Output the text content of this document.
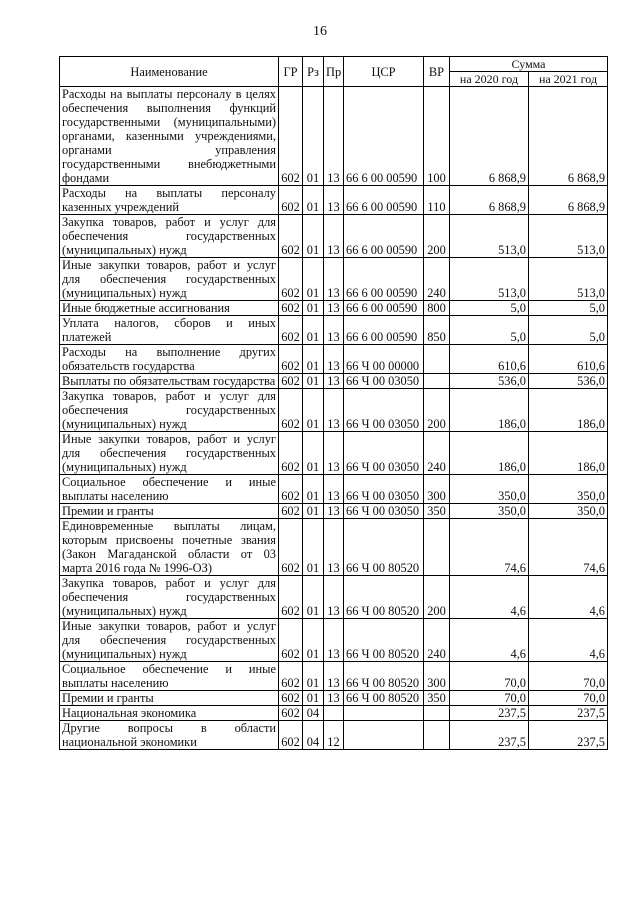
16
Наименование	ГР	Рз	Пр	ЦСР	ВР	Сумма	
						на 2020 год	на 2021 год
Расходы на выплаты персоналу в целях обеспечения выполнения функций государственными (муниципальными) органами, казенными учреждениями, органами управления государственными внебюджетными фондами	602	01	13	66 6 00 00590	100	6 868,9	6 868,9
Расходы на выплаты персоналу казенных учреждений	602	01	13	66 6 00 00590	110	6 868,9	6 868,9
Закупка товаров, работ и услуг для обеспечения государственных (муниципальных) нужд	602	01	13	66 6 00 00590	200	513,0	513,0
Иные закупки товаров, работ и услуг для обеспечения государственных (муниципальных) нужд	602	01	13	66 6 00 00590	240	513,0	513,0
Иные бюджетные ассигнования	602	01	13	66 6 00 00590	800	5,0	5,0
Уплата налогов, сборов и иных платежей	602	01	13	66 6 00 00590	850	5,0	5,0
Расходы на выполнение других обязательств государства	602	01	13	66 Ч 00 00000		610,6	610,6
Выплаты по обязательствам государства	602	01	13	66 Ч 00 03050		536,0	536,0
Закупка товаров, работ и услуг для обеспечения государственных (муниципальных) нужд	602	01	13	66 Ч 00 03050	200	186,0	186,0
Иные закупки товаров, работ и услуг для обеспечения государственных (муниципальных) нужд	602	01	13	66 Ч 00 03050	240	186,0	186,0
Социальное обеспечение и иные выплаты населению	602	01	13	66 Ч 00 03050	300	350,0	350,0
Премии и гранты	602	01	13	66 Ч 00 03050	350	350,0	350,0
Единовременные выплаты лицам, которым присвоены почетные звания (Закон Магаданской области от 03 марта 2016 года № 1996-ОЗ)	602	01	13	66 Ч 00 80520		74,6	74,6
Закупка товаров, работ и услуг для обеспечения государственных (муниципальных) нужд	602	01	13	66 Ч 00 80520	200	4,6	4,6
Иные закупки товаров, работ и услуг для обеспечения государственных (муниципальных) нужд	602	01	13	66 Ч 00 80520	240	4,6	4,6
Социальное обеспечение и иные выплаты населению	602	01	13	66 Ч 00 80520	300	70,0	70,0
Премии и гранты	602	01	13	66 Ч 00 80520	350	70,0	70,0
Национальная экономика	602	04				237,5	237,5
Другие вопросы в области национальной экономики	602	04	12			237,5	237,5
